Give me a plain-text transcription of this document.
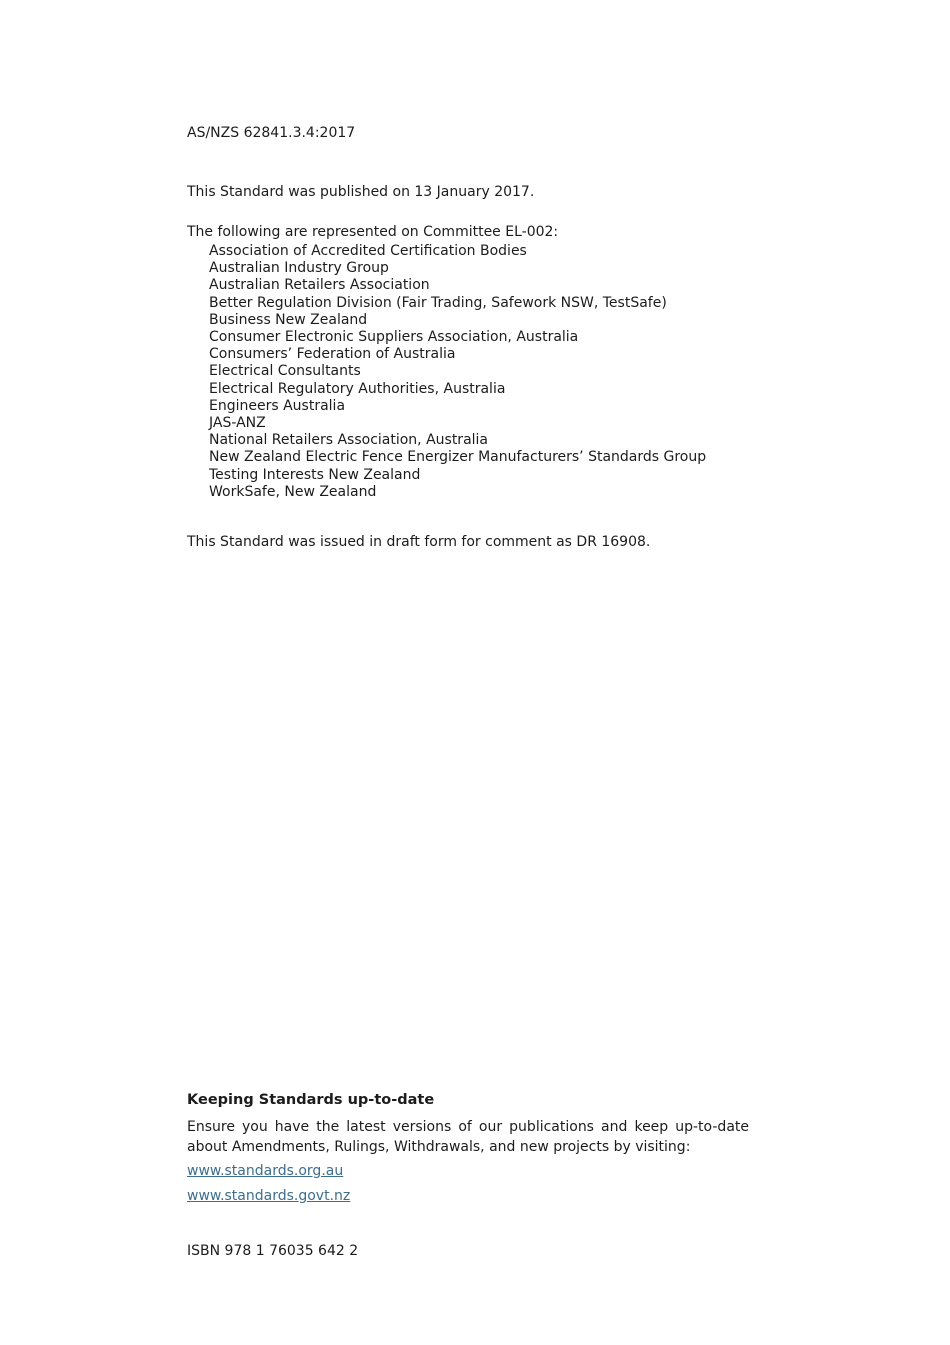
AS/NZS 62841.3.4:2017
This Standard was published on 13 January 2017.
The following are represented on Committee EL-002:
Association of Accredited Certification Bodies
Australian Industry Group
Australian Retailers Association
Better Regulation Division (Fair Trading, Safework NSW, TestSafe)
Business New Zealand
Consumer Electronic Suppliers Association, Australia
Consumers’ Federation of Australia
Electrical Consultants
Electrical Regulatory Authorities, Australia
Engineers Australia
JAS-ANZ
National Retailers Association, Australia
New Zealand Electric Fence Energizer Manufacturers’ Standards Group
Testing Interests New Zealand
WorkSafe, New Zealand
This Standard was issued in draft form for comment as DR 16908.
Keeping Standards up-to-date
Ensure you have the latest versions of our publications and keep up-to-date about Amendments, Rulings, Withdrawals, and new projects by visiting:
www.standards.org.au
www.standards.govt.nz
ISBN 978 1 76035 642 2
